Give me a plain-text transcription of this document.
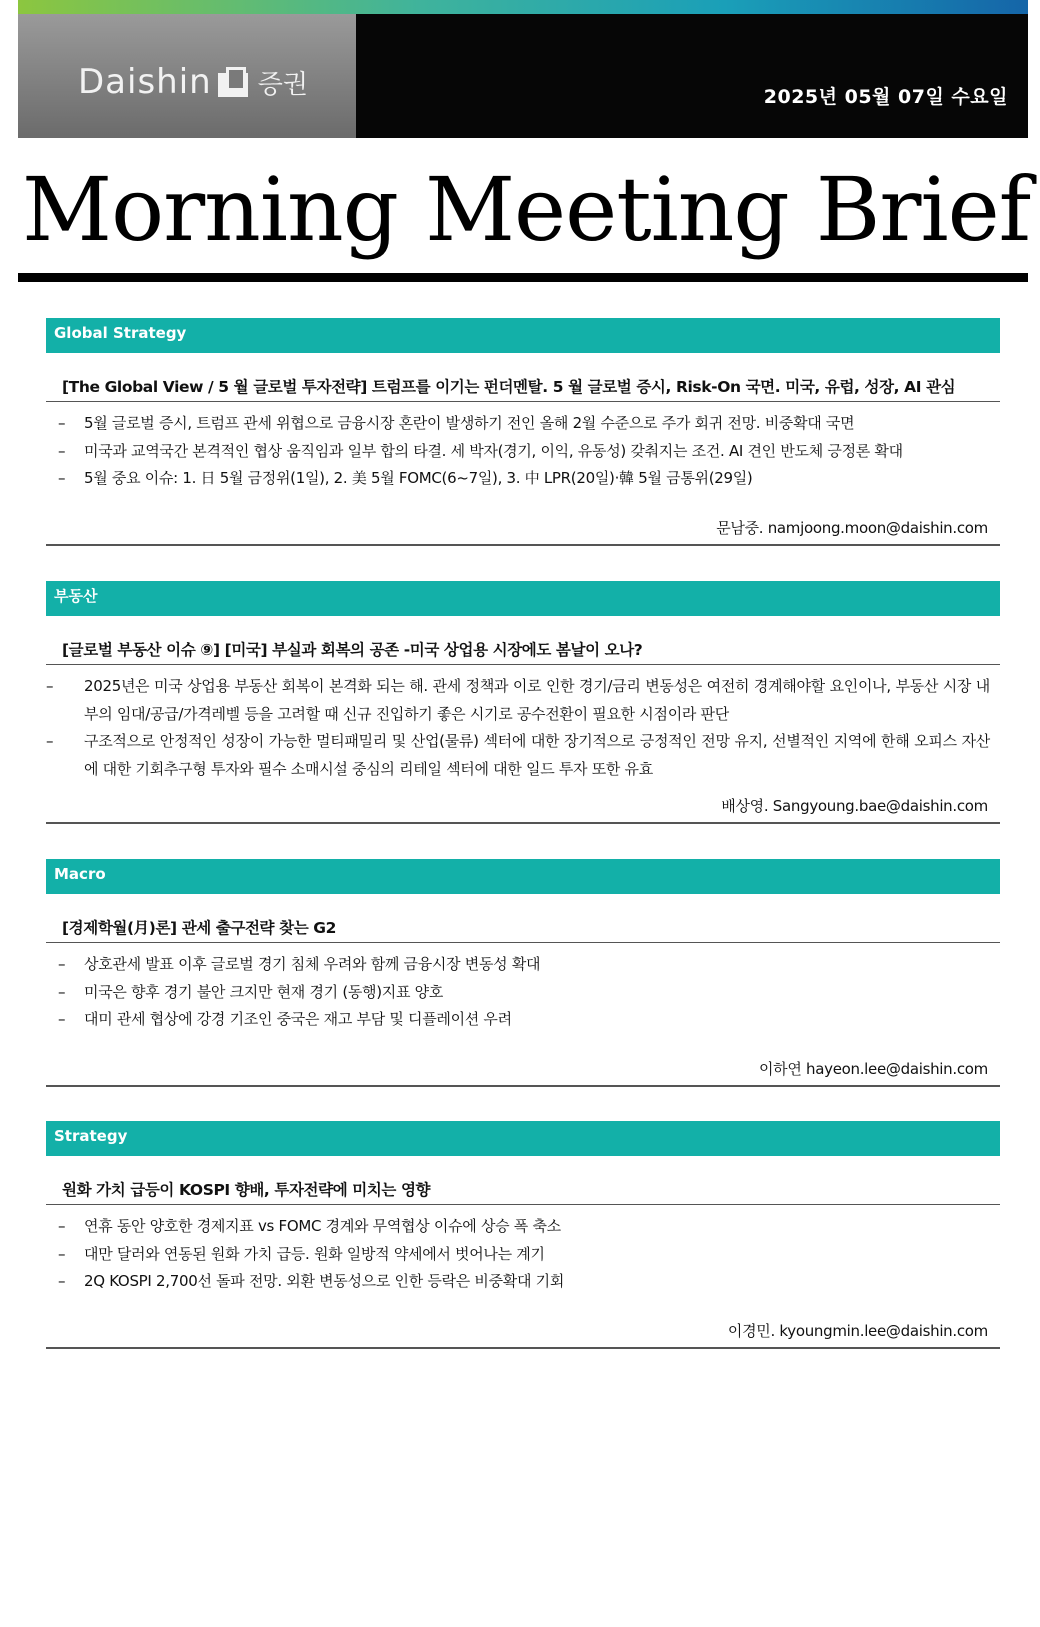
Daishin 증권	2025년 05월 07일 수요일
Morning Meeting Brief
Global Strategy
[The Global View / 5 월 글로벌 투자전략] 트럼프를 이기는 펀더멘탈. 5 월 글로벌 증시, Risk-On 국면. 미국, 유럽, 성장, AI 관심
– 5월 글로벌 증시, 트럼프 관세 위협으로 금융시장 혼란이 발생하기 전인 올해 2월 수준으로 주가 회귀 전망. 비중확대 국면
– 미국과 교역국간 본격적인 협상 움직임과 일부 합의 타결. 세 박자(경기, 이익, 유동성) 갖춰지는 조건. AI 견인 반도체 긍정론 확대
– 5월 중요 이슈: 1. 日 5월 금정위(1일), 2. 美 5월 FOMC(6~7일), 3. 中 LPR(20일)·韓 5월 금통위(29일)
문남중. namjoong.moon@daishin.com
부동산
[글로벌 부동산 이슈 ⑨] [미국] 부실과 회복의 공존 -미국 상업용 시장에도 봄날이 오나?
– 2025년은 미국 상업용 부동산 회복이 본격화 되는 해. 관세 정책과 이로 인한 경기/금리 변동성은 여전히 경계해야할 요인이나, 부동산 시장 내부의 임대/공급/가격레벨 등을 고려할 때 신규 진입하기 좋은 시기로 공수전환이 필요한 시점이라 판단
– 구조적으로 안정적인 성장이 가능한 멀티패밀리 및 산업(물류) 섹터에 대한 장기적으로 긍정적인 전망 유지, 선별적인 지역에 한해 오피스 자산에 대한 기회추구형 투자와 필수 소매시설 중심의 리테일 섹터에 대한 일드 투자 또한 유효
배상영. Sangyoung.bae@daishin.com
Macro
[경제학월(月)론] 관세 출구전략 찾는 G2
– 상호관세 발표 이후 글로벌 경기 침체 우려와 함께 금융시장 변동성 확대
– 미국은 향후 경기 불안 크지만 현재 경기 (동행)지표 양호
– 대미 관세 협상에 강경 기조인 중국은 재고 부담 및 디플레이션 우려
이하연 hayeon.lee@daishin.com
Strategy
원화 가치 급등이 KOSPI 향배, 투자전략에 미치는 영향
– 연휴 동안 양호한 경제지표 vs FOMC 경계와 무역협상 이슈에 상승 폭 축소
– 대만 달러와 연동된 원화 가치 급등. 원화 일방적 약세에서 벗어나는 계기
– 2Q KOSPI 2,700선 돌파 전망. 외환 변동성으로 인한 등락은 비중확대 기회
이경민. kyoungmin.lee@daishin.com
